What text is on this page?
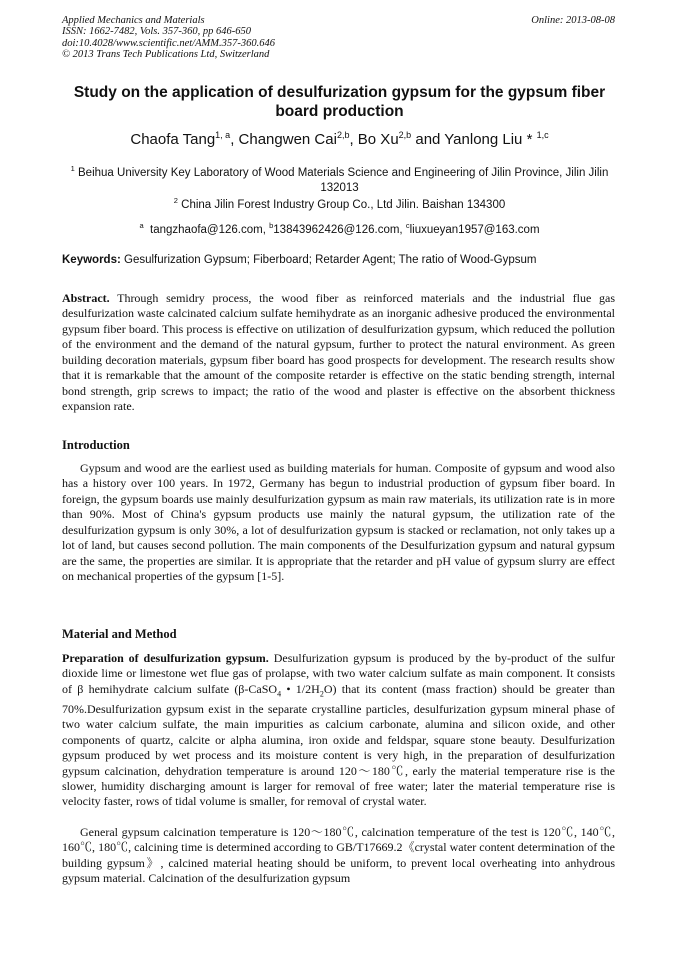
Applied Mechanics and Materials
ISSN: 1662-7482, Vols. 357-360, pp 646-650
doi:10.4028/www.scientific.net/AMM.357-360.646
© 2013 Trans Tech Publications Ltd, Switzerland
Online: 2013-08-08
Study on the application of desulfurization gypsum for the gypsum fiber board production
Chaofa Tang$^{1, a}$, Changwen Cai$^{2,b}$, Bo Xu$^{2,b}$ and Yanlong Liu * $^{1,c}$
$^1$ Beihua University Key Laboratory of Wood Materials Science and Engineering of Jilin Province, Jilin Jilin 132013
$^2$ China Jilin Forest Industry Group Co., Ltd Jilin. Baishan 134300
$^a$ tangzhaofa@126.com, $^b$13843962426@126.com, $^c$liuxueyan1957@163.com
Keywords: Gesulfurization Gypsum; Fiberboard; Retarder Agent; The ratio of Wood-Gypsum

Abstract. Through semidry process, the wood fiber as reinforced materials and the industrial flue gas desulfurization waste calcinated calcium sulfate hemihydrate as an inorganic adhesive produced the environmental gypsum fiber board. This process is effective on utilization of desulfurization gypsum, which reduced the pollution of the environment and the demand of the natural gypsum, further to protect the natural environment. As green building decoration materials, gypsum fiber board has good prospects for development. The research results show that it is remarkable that the amount of the composite retarder is effective on the static bending strength, internal bond strength, grip screws to impact; the ratio of the wood and plaster is effective on the absorbent thickness expansion rate.

Introduction

Gypsum and wood are the earliest used as building materials for human. Composite of gypsum and wood also has a history over 100 years. In 1972, Germany has begun to industrial production of gypsum fiber board. In foreign, the gypsum boards use mainly desulfurization gypsum as main raw materials, its utilization rate is in more than 90%. Most of China's gypsum products use mainly the natural gypsum, the utilization rate of the desulfurization gypsum is only 30%, a lot of desulfurization gypsum is stacked or reclamation, not only takes up a lot of land, but causes second pollution. The main components of the Desulfurization gypsum and natural gypsum are the same, the properties are similar. It is appropriate that the retarder and pH value of gypsum slurry are effect on mechanical properties of the gypsum [1-5].

Material and Method

Preparation of desulfurization gypsum. Desulfurization gypsum is produced by the by-product of the sulfur dioxide lime or limestone wet flue gas of prolapse, with two water calcium sulfate as main component. It consists of β hemihydrate calcium sulfate (β-CaSO$_4$ • $1/2H_2O$) that its content (mass fraction) should be greater than 70%.Desulfurization gypsum exist in the separate crystalline particles, desulfurization gypsum mineral phase of two water calcium sulfate, the main impurities as calcium carbonate, alumina and silicon oxide, and other components of quartz, calcite or alpha alumina, iron oxide and feldspar, square stone beauty. Desulfurization gypsum produced by wet process and its moisture content is very high, in the preparation of desulfurization gypsum calcination, dehydration temperature is around 120～180℃, early the material temperature rise is the slower, humidity discharging amount is larger for removal of free water; later the material temperature rise is velocity faster, rows of tidal volume is smaller, for removal of crystal water.

General gypsum calcination temperature is 120～180℃, calcination temperature of the test is 120℃, 140℃, 160℃, 180℃, calcining time is determined according to GB/T17669.2《crystal water content determination of the building gypsum》, calcined material heating should be uniform, to prevent local overheating into anhydrous gypsum material. Calcination of the desulfurization gypsum
